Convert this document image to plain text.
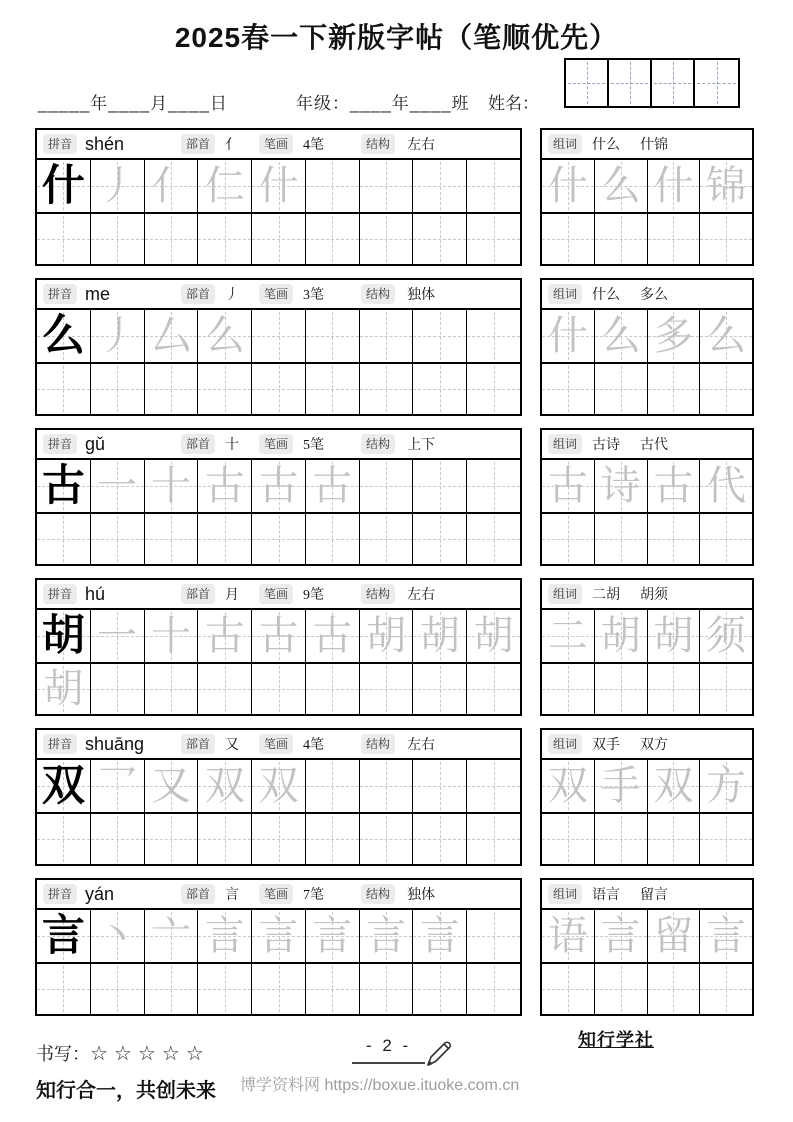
2025春一下新版字帖（笔顺优先）
_____年____月____日	年级：____年____班 姓名：
拼音 shén	部首	亻	笔画	4笔	结构	左右
什 丿 亻 仁 什
组词	什么 什锦
什 么 什 锦
拼音 me	部首	丿	笔画	3笔	结构	独体
么 丿 厶 么
组词	什么 多么
什 么 多 么
拼音 gǔ	部首	十	笔画	5笔	结构	上下
古 一 十 古 古 古
组词	古诗 古代
古 诗 古 代
拼音 hú	部首	月	笔画	9笔	结构	左右
胡 一 十 古 古 古 胡 胡 胡
胡
组词	二胡 胡须
二 胡 胡 须
拼音 shuāng	部首	又	笔画	4笔	结构	左右
双 乛 又 双 双
组词	双手 双方
双 手 双 方
拼音 yán	部首	言	笔画	7笔	结构	独体
言 丶 亠 言 言 言 言 言
组词	语言 留言
语 言 留 言
书写：☆☆☆☆☆	- 2 -	知行学社
知行合一，共创未来 博学资料网 https://boxue.ituoke.com.cn
